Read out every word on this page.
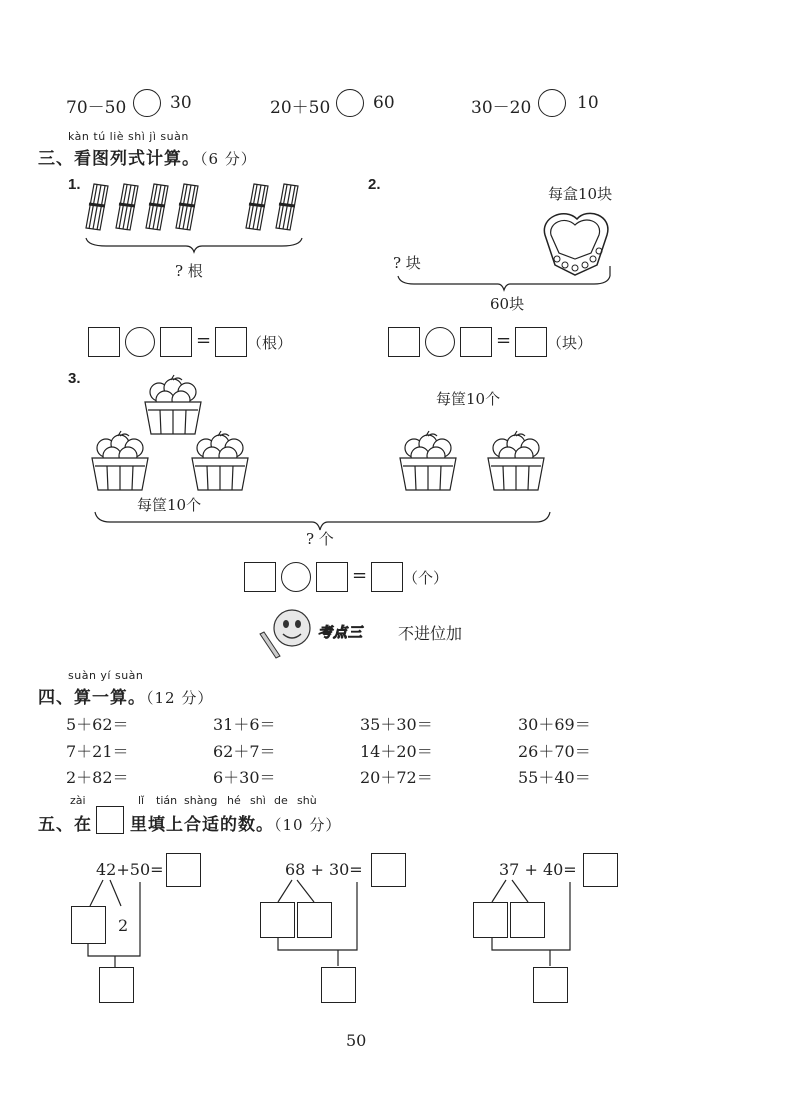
70－50	30	20＋50	60	30－20	10
kàn tú liè shì jì suàn
三、看图列式计算。（6 分）
1.
? 根
= （根）
2.
每盒10块
? 块
60块
= （块）
3.
每筐10个
每筐10个
? 个
= （个）
考点三 不进位加
suàn yí suàn
四、算一算。（12 分）
5＋62＝	31＋6＝	35＋30＝	30＋69＝
7＋21＝	62＋7＝	14＋20＝	26＋70＝
2＋82＝	6＋30＝	20＋72＝	55＋40＝
zài	lǐ tián shàng hé shì de shù
五、在 里填上合适的数。（10 分）
42+50=
2
68 + 30=	37 + 40=
50
